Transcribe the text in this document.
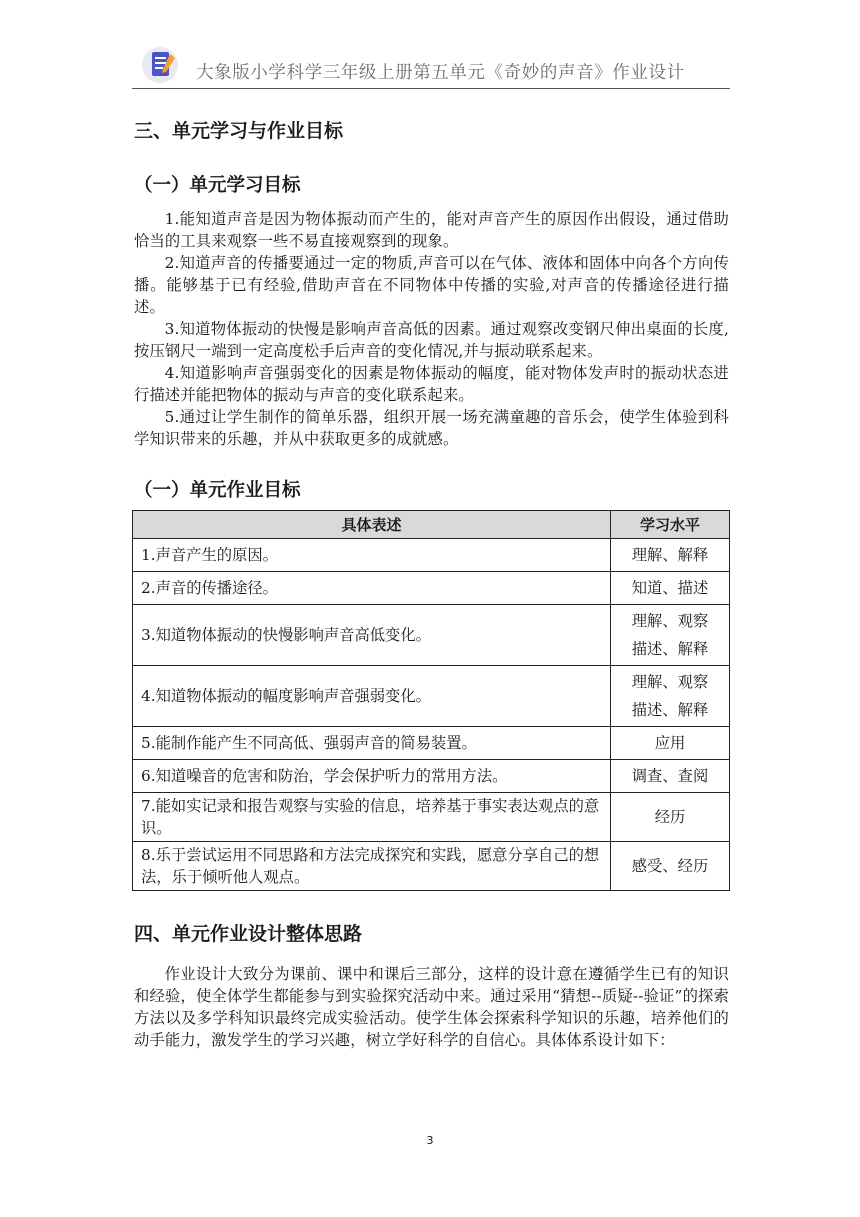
大象版小学科学三年级上册第五单元《奇妙的声音》作业设计
三、单元学习与作业目标
（一）单元学习目标
1.能知道声音是因为物体振动而产生的，能对声音产生的原因作出假设，通过借助恰当的工具来观察一些不易直接观察到的现象。
2.知道声音的传播要通过一定的物质,声音可以在气体、液体和固体中向各个方向传播。能够基于已有经验,借助声音在不同物体中传播的实验,对声音的传播途径进行描述。
3.知道物体振动的快慢是影响声音高低的因素。通过观察改变钢尺伸出桌面的长度,按压钢尺一端到一定高度松手后声音的变化情况,并与振动联系起来。
4.知道影响声音强弱变化的因素是物体振动的幅度，能对物体发声时的振动状态进行描述并能把物体的振动与声音的变化联系起来。
5.通过让学生制作的简单乐器，组织开展一场充满童趣的音乐会，使学生体验到科学知识带来的乐趣，并从中获取更多的成就感。
（一）单元作业目标
具体表述	学习水平
1.声音产生的原因。	理解、解释

2.声音的传播途径。	知道、描述

3.知道物体振动的快慢影响声音高低变化。	理解、观察
描述、解释

4.知道物体振动的幅度影响声音强弱变化。	理解、观察
描述、解释

5.能制作能产生不同高低、强弱声音的简易装置。	应用

6.知道噪音的危害和防治，学会保护听力的常用方法。	调查、查阅

7.能如实记录和报告观察与实验的信息，培养基于事实表达观点的意识。	经历

8.乐于尝试运用不同思路和方法完成探究和实践，愿意分享自己的想法，乐于倾听他人观点。	感受、经历
四、单元作业设计整体思路
作业设计大致分为课前、课中和课后三部分，这样的设计意在遵循学生已有的知识和经验，使全体学生都能参与到实验探究活动中来。通过采用“猜想--质疑--验证”的探索方法以及多学科知识最终完成实验活动。使学生体会探索科学知识的乐趣，培养他们的动手能力，激发学生的学习兴趣，树立学好科学的自信心。具体体系设计如下：
3
